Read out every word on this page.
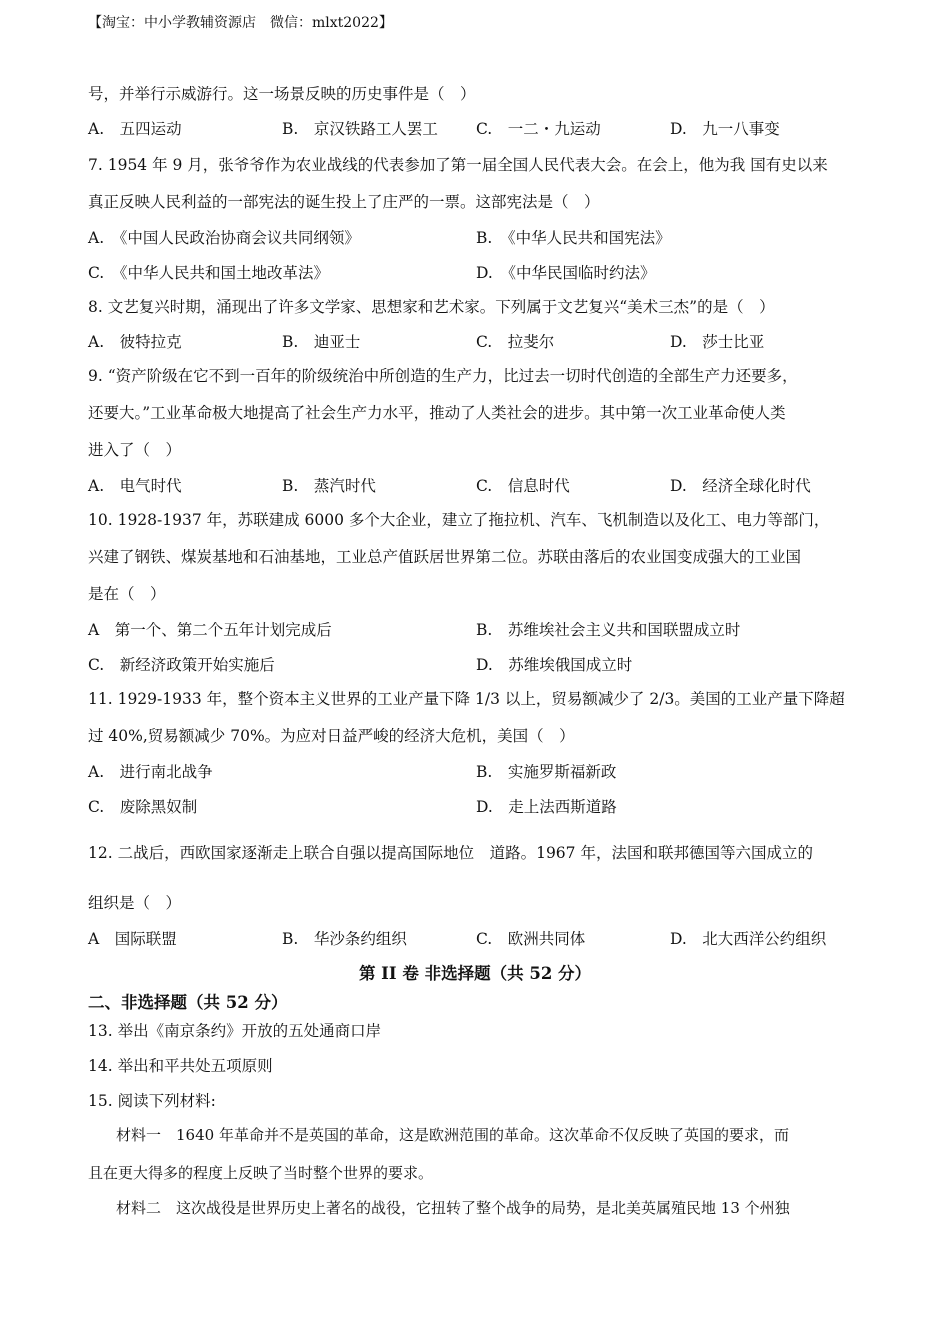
【淘宝：中小学教辅资源店　微信：mlxt2022】
号，并举行示威游行。这一场景反映的历史事件是（　）
A.　五四运动	B.　京汉铁路工人罢工 C.　一二・九运动	D.　九一八事变
7. 1954 年 9 月，张爷爷作为农业战线的代表参加了第一届全国人民代表大会。在会上，他为我 国有史以来
真正反映人民利益的一部宪法的诞生投上了庄严的一票。这部宪法是（　）
A.　《中国人民政治协商会议共同纲领》	B.　《中华人民共和国宪法》
C.　《中华人民共和国土地改革法》	D.　《中华民国临时约法》
8. 文艺复兴时期，涌现出了许多文学家、思想家和艺术家。下列属于文艺复兴“美术三杰”的是（　）
A.　彼特拉克	B.　迪亚士	C.　拉斐尔	D.　莎士比亚
9. “资产阶级在它不到一百年的阶级统治中所创造的生产力，比过去一切时代创造的全部生产力还要多，
还要大。”工业革命极大地提高了社会生产力水平，推动了人类社会的进步。其中第一次工业革命使人类
进入了（　）
A.　电气时代	B.　蒸汽时代	C.　信息时代	D.　经济全球化时代
10. 1928-1937 年，苏联建成 6000 多个大企业，建立了拖拉机、汽车、飞机制造以及化工、电力等部门，
兴建了钢铁、煤炭基地和石油基地，工业总产值跃居世界第二位。苏联由落后的农业国变成强大的工业国
是在（　）
A　第一个、第二个五年计划完成后	B.　苏维埃社会主义共和国联盟成立时
C.　新经济政策开始实施后	D.　苏维埃俄国成立时
11. 1929-1933 年，整个资本主义世界的工业产量下降 1/3 以上，贸易额减少了 2/3。美国的工业产量下降超
过 40%,贸易额减少 70%。为应对日益严峻的经济大危机，美国（　）
A.　进行南北战争	B.　实施罗斯福新政
C.　废除黑奴制	D.　走上法西斯道路
12. 二战后，西欧国家逐渐走上联合自强以提高国际地位　道路。1967 年，法国和联邦德国等六国成立的
组织是（　）
A　国际联盟	B.　华沙条约组织	C.　欧洲共同体	D.　北大西洋公约组织
第 II 卷 非选择题（共 52 分）
二、非选择题（共 52 分）
13. 举出《南京条约》开放的五处通商口岸
14. 举出和平共处五项原则
15. 阅读下列材料:
材料一　1640 年革命并不是英国的革命，这是欧洲范围的革命。这次革命不仅反映了英国的要求，而
且在更大得多的程度上反映了当时整个世界的要求。
材料二　这次战役是世界历史上著名的战役，它扭转了整个战争的局势，是北美英属殖民地 13 个州独
